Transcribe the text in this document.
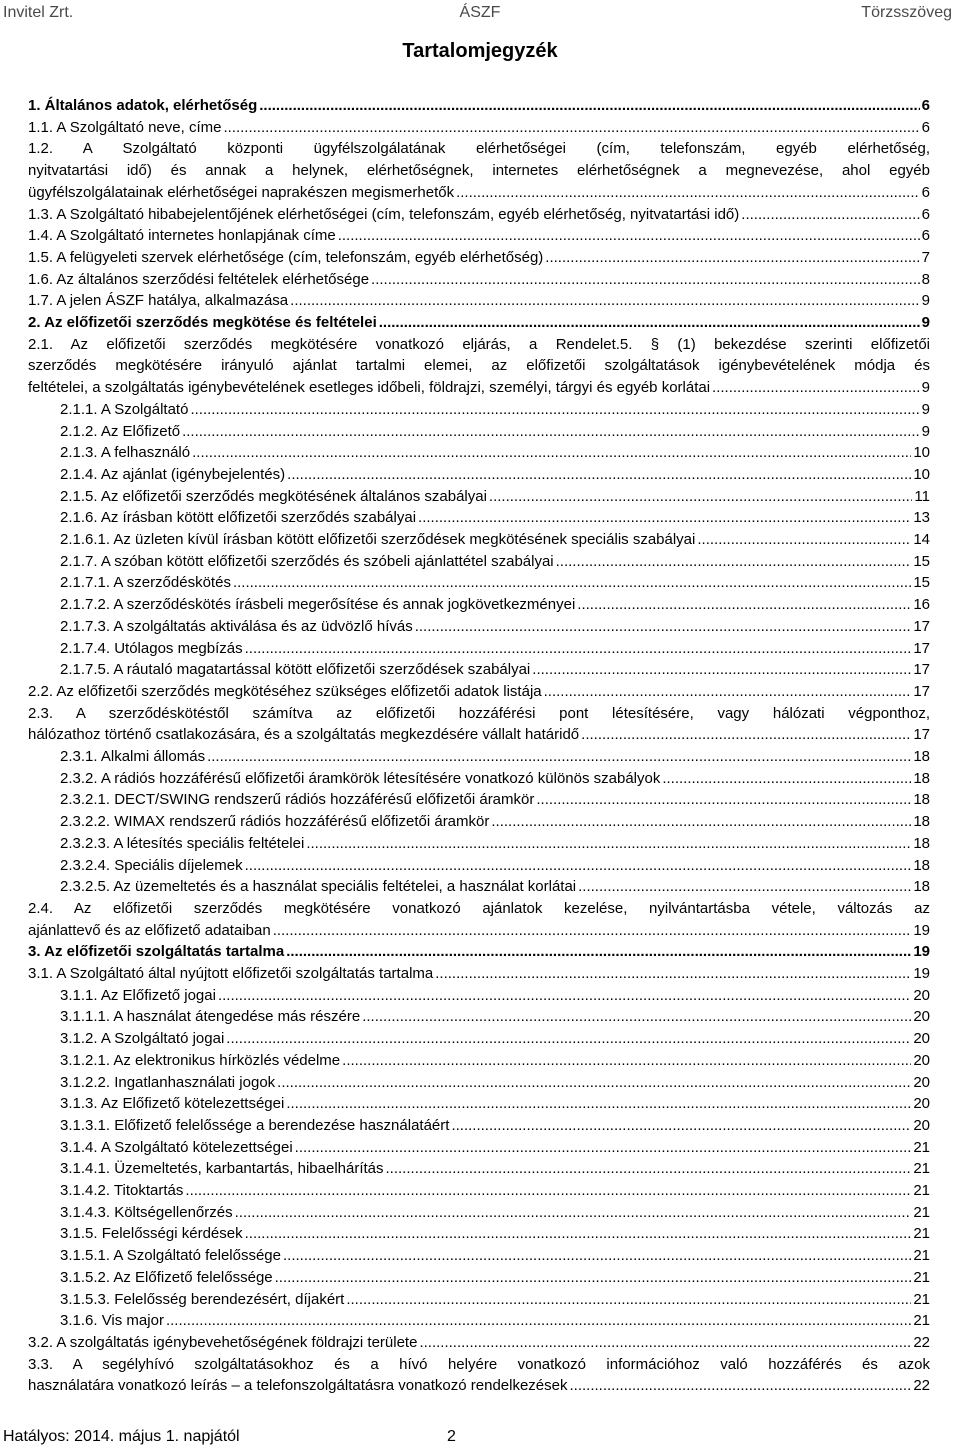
Invitel Zrt.	ÁSZF	Törzsszöveg
Tartalomjegyzék
1. Általános adatok, elérhetőség .....	6
1.1. A Szolgáltató neve, címe .....	6
1.2. A Szolgáltató központi ügyfélszolgálatának elérhetőségei (cím, telefonszám, egyéb elérhetőség,
nyitvatartási idő) és annak a helynek, elérhetőségnek, internetes elérhetőségnek a megnevezése, ahol egyéb
ügyfélszolgálatainak elérhetőségei naprakészen megismerhetők .....	6
1.3. A Szolgáltató hibabejelentőjének elérhetőségei (cím, telefonszám, egyéb elérhetőség, nyitvatartási idő) .....	6
1.4. A Szolgáltató internetes honlapjának címe .....	6
1.5. A felügyeleti szervek elérhetősége (cím, telefonszám, egyéb elérhetőség) .....	7
1.6. Az általános szerződési feltételek elérhetősége .....	8
1.7. A jelen ÁSZF hatálya, alkalmazása .....	9
2. Az előfizetői szerződés megkötése és feltételei .....	9
2.1. Az előfizetői szerződés megkötésére vonatkozó eljárás, a Rendelet.5. § (1) bekezdése szerinti előfizetői
szerződés megkötésére irányuló ajánlat tartalmi elemei, az előfizetői szolgáltatások igénybevételének módja és
feltételei, a szolgáltatás igénybevételének esetleges időbeli, földrajzi, személyi, tárgyi és egyéb korlátai .....	9
2.1.1. A Szolgáltató .....	9
2.1.2. Az Előfizető .....	9
2.1.3. A felhasználó .....	10
2.1.4. Az ajánlat (igénybejelentés) .....	10
2.1.5. Az előfizetői szerződés megkötésének általános szabályai .....	11
2.1.6. Az írásban kötött előfizetői szerződés szabályai .....	13
2.1.6.1. Az üzleten kívül írásban kötött előfizetői szerződések megkötésének speciális szabályai .....	14
2.1.7. A szóban kötött előfizetői szerződés és szóbeli ajánlattétel szabályai .....	15
2.1.7.1. A szerződéskötés .....	15
2.1.7.2. A szerződéskötés írásbeli megerősítése és annak jogkövetkezményei .....	16
2.1.7.3. A szolgáltatás aktiválása és az üdvözlő hívás .....	17
2.1.7.4. Utólagos megbízás .....	17
2.1.7.5. A ráutaló magatartással kötött előfizetői szerződések szabályai .....	17
2.2. Az előfizetői szerződés megkötéséhez szükséges előfizetői adatok listája .....	17
2.3. A szerződéskötéstől számítva az előfizetői hozzáférési pont létesítésére, vagy hálózati végponthoz,
hálózathoz történő csatlakozására, és a szolgáltatás megkezdésére vállalt határidő .....	17
2.3.1. Alkalmi állomás .....	18
2.3.2. A rádiós hozzáférésű előfizetői áramkörök létesítésére vonatkozó különös szabályok .....	18
2.3.2.1. DECT/SWING rendszerű rádiós hozzáférésű előfizetői áramkör .....	18
2.3.2.2. WIMAX rendszerű rádiós hozzáférésű előfizetői áramkör .....	18
2.3.2.3. A létesítés speciális feltételei .....	18
2.3.2.4. Speciális díjelemek .....	18
2.3.2.5. Az üzemeltetés és a használat speciális feltételei, a használat korlátai .....	18
2.4. Az előfizetői szerződés megkötésére vonatkozó ajánlatok kezelése, nyilvántartásba vétele, változás az
ajánlattevő és az előfizető adataiban .....	19
3. Az előfizetői szolgáltatás tartalma .....	19
3.1. A Szolgáltató által nyújtott előfizetői szolgáltatás tartalma .....	19
3.1.1. Az Előfizető jogai .....	20
3.1.1.1. A használat átengedése más részére .....	20
3.1.2. A Szolgáltató jogai .....	20
3.1.2.1. Az elektronikus hírközlés védelme .....	20
3.1.2.2. Ingatlanhasználati jogok .....	20
3.1.3. Az Előfizető kötelezettségei .....	20
3.1.3.1. Előfizető felelőssége a berendezése használatáért .....	20
3.1.4. A Szolgáltató kötelezettségei .....	21
3.1.4.1. Üzemeltetés, karbantartás, hibaelhárítás .....	21
3.1.4.2. Titoktartás .....	21
3.1.4.3. Költségellenőrzés .....	21
3.1.5. Felelősségi kérdések .....	21
3.1.5.1. A Szolgáltató felelőssége .....	21
3.1.5.2. Az Előfizető felelőssége .....	21
3.1.5.3. Felelősség berendezésért, díjakért .....	21
3.1.6. Vis major .....	21
3.2. A szolgáltatás igénybevehetőségének földrajzi területe .....	22
3.3. A segélyhívó szolgáltatásokhoz és a hívó helyére vonatkozó információhoz való hozzáférés és azok
használatára vonatkozó leírás – a telefonszolgáltatásra vonatkozó rendelkezések .....	22
Hatályos: 2014. május 1. napjától	2
